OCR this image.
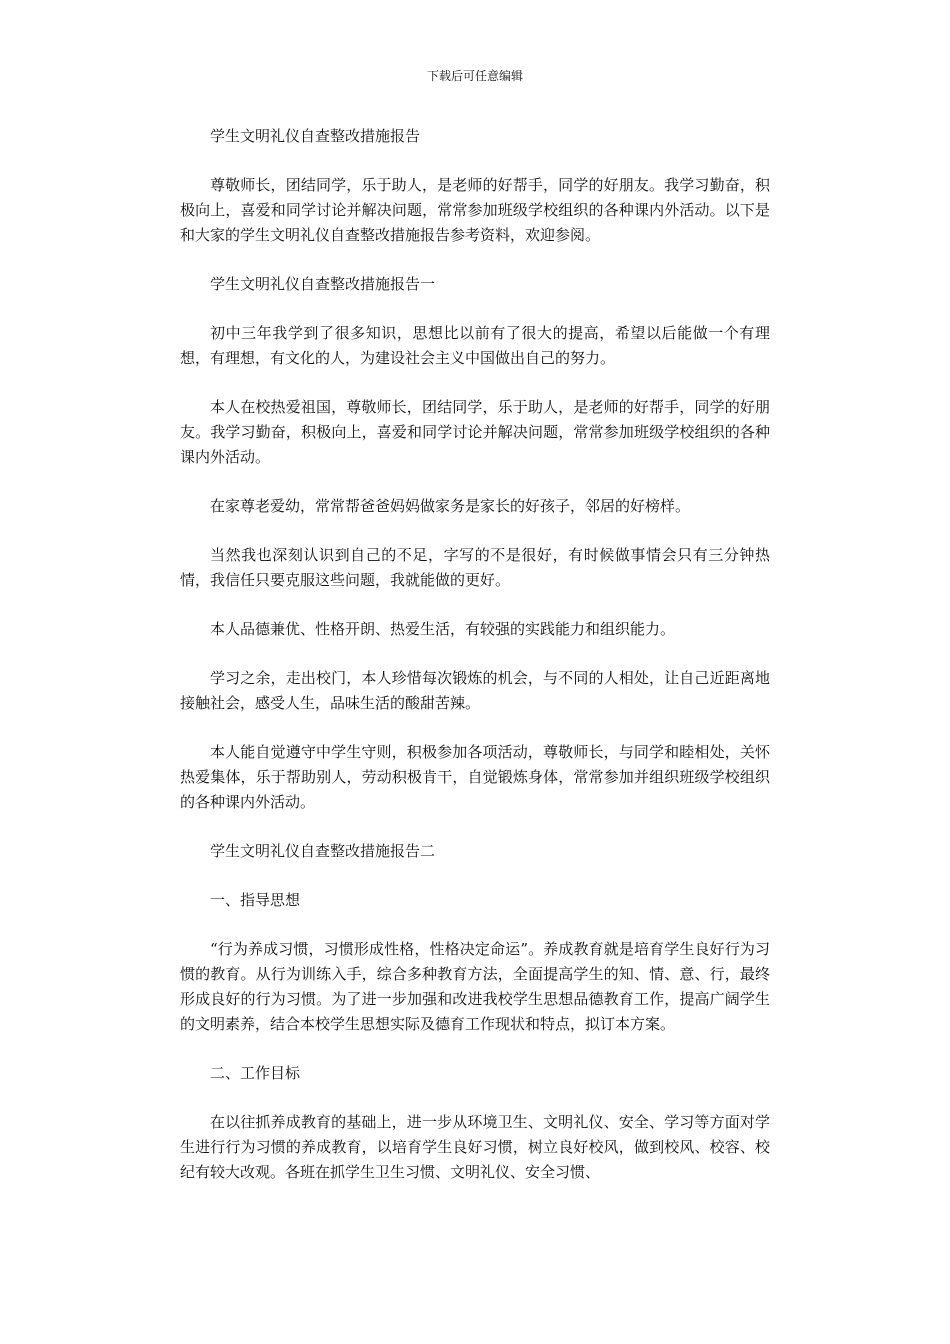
下载后可任意编辑

学生文明礼仪自查整改措施报告

尊敬师长，团结同学，乐于助人，是老师的好帮手，同学的好朋友。我学习勤奋，积极向上，喜爱和同学讨论并解决问题，常常参加班级学校组织的各种课内外活动。以下是和大家的学生文明礼仪自查整改措施报告参考资料，欢迎参阅。

学生文明礼仪自查整改措施报告一

初中三年我学到了很多知识，思想比以前有了很大的提高，希望以后能做一个有理想，有理想，有文化的人，为建设社会主义中国做出自己的努力。

本人在校热爱祖国，尊敬师长，团结同学，乐于助人，是老师的好帮手，同学的好朋友。我学习勤奋，积极向上，喜爱和同学讨论并解决问题，常常参加班级学校组织的各种课内外活动。

在家尊老爱幼，常常帮爸爸妈妈做家务是家长的好孩子，邻居的好榜样。

当然我也深刻认识到自己的不足，字写的不是很好，有时候做事情会只有三分钟热情，我信任只要克服这些问题，我就能做的更好。

本人品德兼优、性格开朗、热爱生活，有较强的实践能力和组织能力。

学习之余，走出校门，本人珍惜每次锻炼的机会，与不同的人相处，让自己近距离地接触社会，感受人生，品味生活的酸甜苦辣。

本人能自觉遵守中学生守则，积极参加各项活动，尊敬师长，与同学和睦相处，关怀热爱集体，乐于帮助别人，劳动积极肯干，自觉锻炼身体，常常参加并组织班级学校组织的各种课内外活动。

学生文明礼仪自查整改措施报告二

一、指导思想

“行为养成习惯，习惯形成性格，性格决定命运”。养成教育就是培育学生良好行为习惯的教育。从行为训练入手，综合多种教育方法，全面提高学生的知、情、意、行，最终形成良好的行为习惯。为了进一步加强和改进我校学生思想品德教育工作，提高广阔学生的文明素养，结合本校学生思想实际及德育工作现状和特点，拟订本方案。

二、工作目标

在以往抓养成教育的基础上，进一步从环境卫生、文明礼仪、安全、学习等方面对学生进行行为习惯的养成教育，以培育学生良好习惯，树立良好校风，做到校风、校容、校纪有较大改观。各班在抓学生卫生习惯、文明礼仪、安全习惯、
